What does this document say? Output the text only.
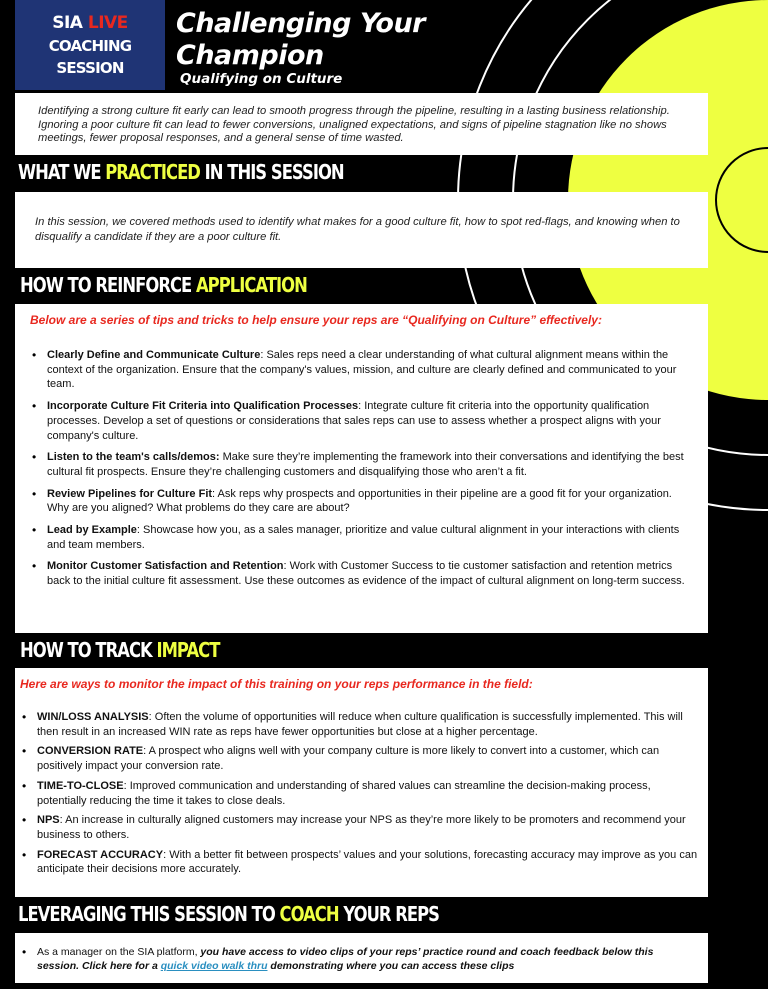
SIA LIVE
COACHING SESSION
Challenging Your
Champion
Qualifying on Culture

Identifying a strong culture fit early can lead to smooth progress through the pipeline, resulting in a lasting business relationship. Ignoring a poor culture fit can lead to fewer conversions, unaligned expectations, and signs of pipeline stagnation like no shows meetings, fewer proposal responses, and a general sense of time wasted.

WHAT WE PRACTICED IN THIS SESSION

In this session, we covered methods used to identify what makes for a good culture fit, how to spot red-flags, and knowing when to disqualify a candidate if they are a poor culture fit.

HOW TO REINFORCE APPLICATION

Below are a series of tips and tricks to help ensure your reps are “Qualifying on Culture” effectively:

• Clearly Define and Communicate Culture: Sales reps need a clear understanding of what cultural alignment means within the context of the organization. Ensure that the company's values, mission, and culture are clearly defined and communicated to your team.
• Incorporate Culture Fit Criteria into Qualification Processes: Integrate culture fit criteria into the opportunity qualification processes. Develop a set of questions or considerations that sales reps can use to assess whether a prospect aligns with your company's culture.
• Listen to the team's calls/demos: Make sure they’re implementing the framework into their conversations and identifying the best cultural fit prospects. Ensure they’re challenging customers and disqualifying those who aren’t a fit.
• Review Pipelines for Culture Fit: Ask reps why prospects and opportunities in their pipeline are a good fit for your organization. Why are you aligned? What problems do they care are about?
• Lead by Example: Showcase how you, as a sales manager, prioritize and value cultural alignment in your interactions with clients and team members.
• Monitor Customer Satisfaction and Retention: Work with Customer Success to tie customer satisfaction and retention metrics back to the initial culture fit assessment. Use these outcomes as evidence of the impact of cultural alignment on long-term success.
HOW TO TRACK IMPACT

Here are ways to monitor the impact of this training on your reps performance in the field:

• WIN/LOSS ANALYSIS: Often the volume of opportunities will reduce when culture qualification is successfully implemented. This will then result in an increased WIN rate as reps have fewer opportunities but close at a higher percentage.
• CONVERSION RATE: A prospect who aligns well with your company culture is more likely to convert into a customer, which can positively impact your conversion rate.
• TIME-TO-CLOSE: Improved communication and understanding of shared values can streamline the decision-making process, potentially reducing the time it takes to close deals.
• NPS: An increase in culturally aligned customers may increase your NPS as they’re more likely to be promoters and recommend your business to others.
• FORECAST ACCURACY: With a better fit between prospects’ values and your solutions, forecasting accuracy may improve as you can anticipate their decisions more accurately.
LEVERAGING THIS SESSION TO COACH YOUR REPS
• As a manager on the SIA platform, you have access to video clips of your reps’ practice round and coach feedback below this session. Click here for a quick video walk thru demonstrating where you can access these clips
